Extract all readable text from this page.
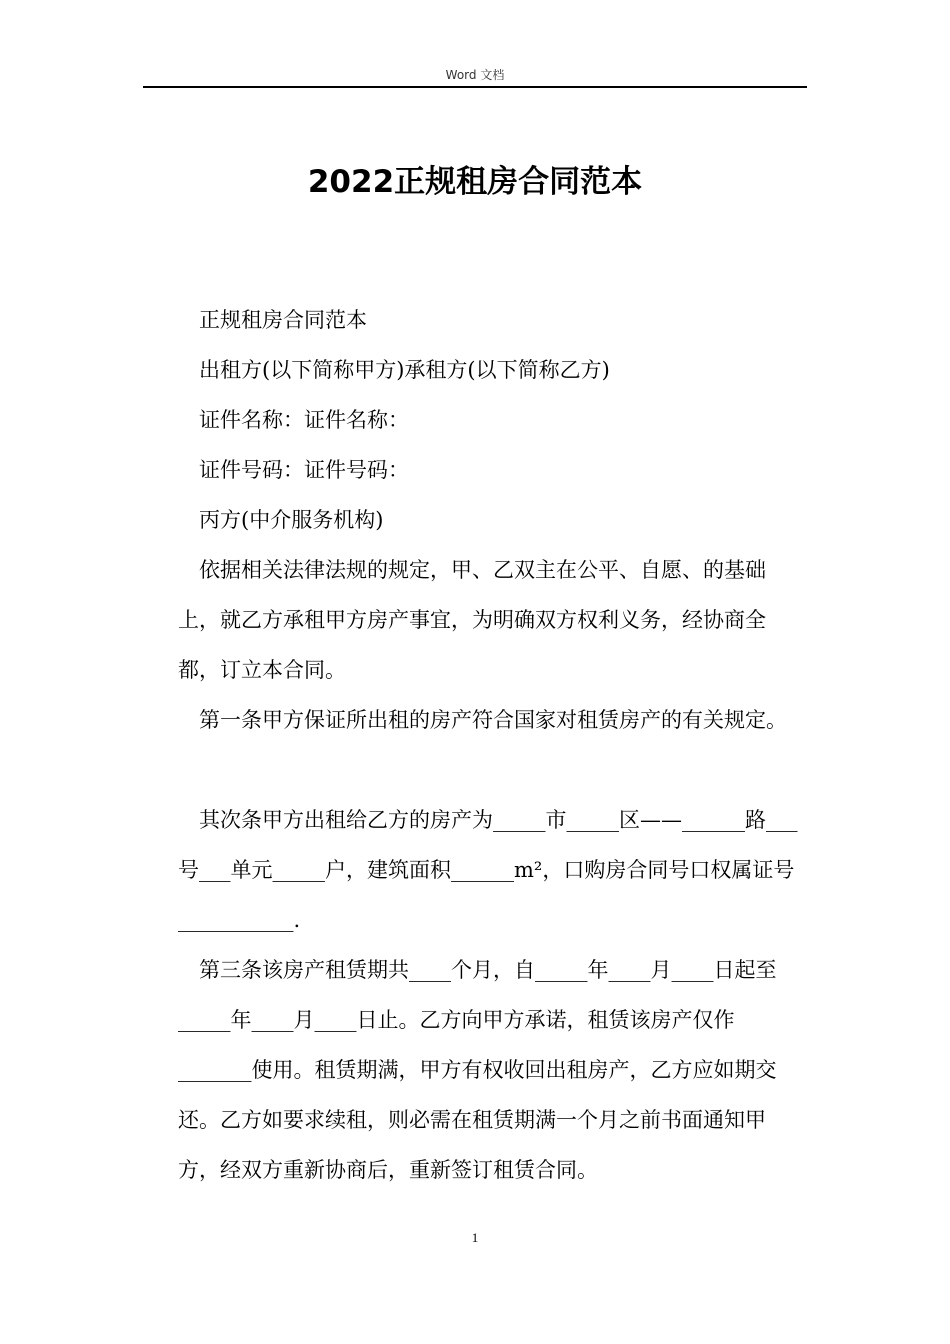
Word 文档
2022正规租房合同范本

正规租房合同范本

出租方(以下简称甲方)承租方(以下简称乙方)

证件名称：证件名称：

证件号码：证件号码：

丙方(中介服务机构)

依据相关法律法规的规定，甲、乙双主在公平、自愿、的基础上，就乙方承租甲方房产事宜，为明确双方权利义务，经协商全都，订立本合同。

第一条甲方保证所出租的房产符合国家对租赁房产的有关规定。

其次条甲方出租给乙方的房产为_____市_____区——______路___号___单元_____户，建筑面积______m²，口购房合同号口权属证号___________.

第三条该房产租赁期共____个月，自_____年____月____日起至_____年____月____日止。乙方向甲方承诺，租赁该房产仅作_______使用。租赁期满，甲方有权收回出租房产，乙方应如期交还。乙方如要求续租，则必需在租赁期满一个月之前书面通知甲方，经双方重新协商后，重新签订租赁合同。

1
